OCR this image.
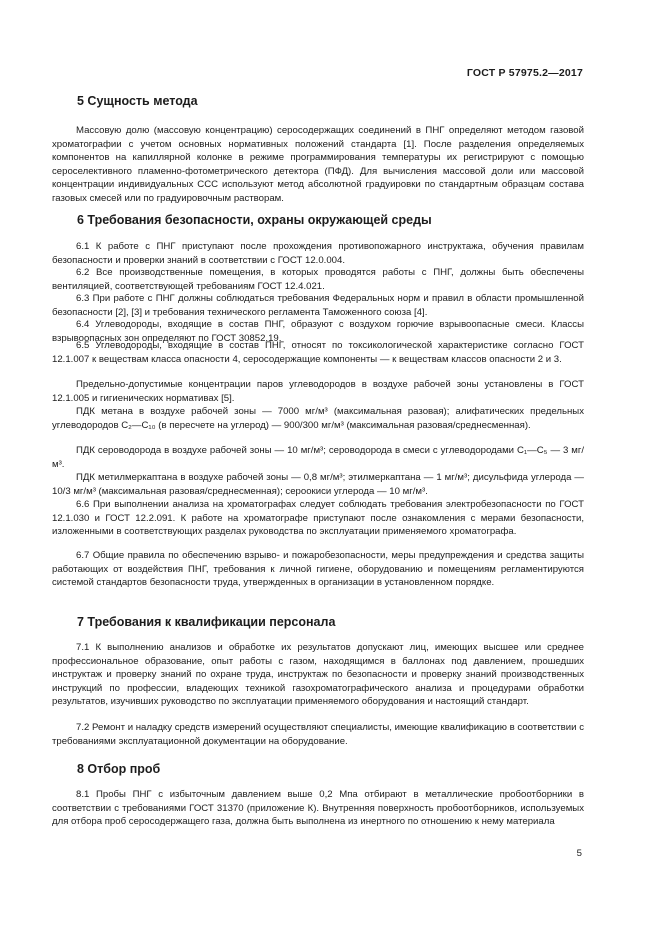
ГОСТ Р 57975.2—2017
5 Сущность метода

Массовую долю (массовую концентрацию) серосодержащих соединений в ПНГ определяют методом газовой хроматографии с учетом основных нормативных положений стандарта [1]. После разделения определяемых компонентов на капиллярной колонке в режиме программирования температуры их регистрируют с помощью сероселективного пламенно-фотометрического детектора (ПФД). Для вычисления массовой доли или массовой концентрации индивидуальных ССС используют метод абсолютной градуировки по стандартным образцам состава газовых смесей или по градуировочным растворам.

6 Требования безопасности, охраны окружающей среды

6.1 К работе с ПНГ приступают после прохождения противопожарного инструктажа, обучения правилам безопасности и проверки знаний в соответствии с ГОСТ 12.0.004.

6.2 Все производственные помещения, в которых проводятся работы с ПНГ, должны быть обеспечены вентиляцией, соответствующей требованиям ГОСТ 12.4.021.

6.3 При работе с ПНГ должны соблюдаться требования Федеральных норм и правил в области промышленной безопасности [2], [3] и требования технического регламента Таможенного союза [4].

6.4 Углеводороды, входящие в состав ПНГ, образуют с воздухом горючие взрывоопасные смеси. Классы взрывоопасных зон определяют по ГОСТ 30852.19.

6.5 Углеводороды, входящие в состав ПНГ, относят по токсикологической характеристике согласно ГОСТ 12.1.007 к веществам класса опасности 4, серосодержащие компоненты — к веществам классов опасности 2 и 3.

Предельно-допустимые концентрации паров углеводородов в воздухе рабочей зоны установлены в ГОСТ 12.1.005 и гигиенических нормативах [5].

ПДК метана в воздухе рабочей зоны — 7000 мг/м³ (максимальная разовая); алифатических предельных углеводородов С₂—С₁₀ (в пересчете на углерод) — 900/300 мг/м³ (максимальная разовая/среднесменная).

ПДК сероводорода в воздухе рабочей зоны — 10 мг/м³; сероводорода в смеси с углеводородами С₁—С₅ — 3 мг/м³.

ПДК метилмеркаптана в воздухе рабочей зоны — 0,8 мг/м³; этилмеркаптана — 1 мг/м³; дисульфида углерода — 10/3 мг/м³ (максимальная разовая/среднесменная); сероокиси углерода — 10 мг/м³.

6.6 При выполнении анализа на хроматографах следует соблюдать требования электробезопасности по ГОСТ 12.1.030 и ГОСТ 12.2.091. К работе на хроматографе приступают после ознакомления с мерами безопасности, изложенными в соответствующих разделах руководства по эксплуатации применяемого хроматографа.

6.7 Общие правила по обеспечению взрыво- и пожаробезопасности, меры предупреждения и средства защиты работающих от воздействия ПНГ, требования к личной гигиене, оборудованию и помещениям регламентируются системой стандартов безопасности труда, утвержденных в организации в установленном порядке.

7 Требования к квалификации персонала

7.1 К выполнению анализов и обработке их результатов допускают лиц, имеющих высшее или среднее профессиональное образование, опыт работы с газом, находящимся в баллонах под давлением, прошедших инструктаж и проверку знаний по охране труда, инструктаж по безопасности и проверку знаний производственных инструкций по профессии, владеющих техникой газохроматографического анализа и процедурами обработки результатов, изучивших руководство по эксплуатации применяемого оборудования и настоящий стандарт.

7.2 Ремонт и наладку средств измерений осуществляют специалисты, имеющие квалификацию в соответствии с требованиями эксплуатационной документации на оборудование.

8 Отбор проб

8.1 Пробы ПНГ с избыточным давлением выше 0,2 Мпа отбирают в металлические пробоотборники в соответствии с требованиями ГОСТ 31370 (приложение К). Внутренняя поверхность пробоотборников, используемых для отбора проб серосодержащего газа, должна быть выполнена из инертного по отношению к нему материала

5
